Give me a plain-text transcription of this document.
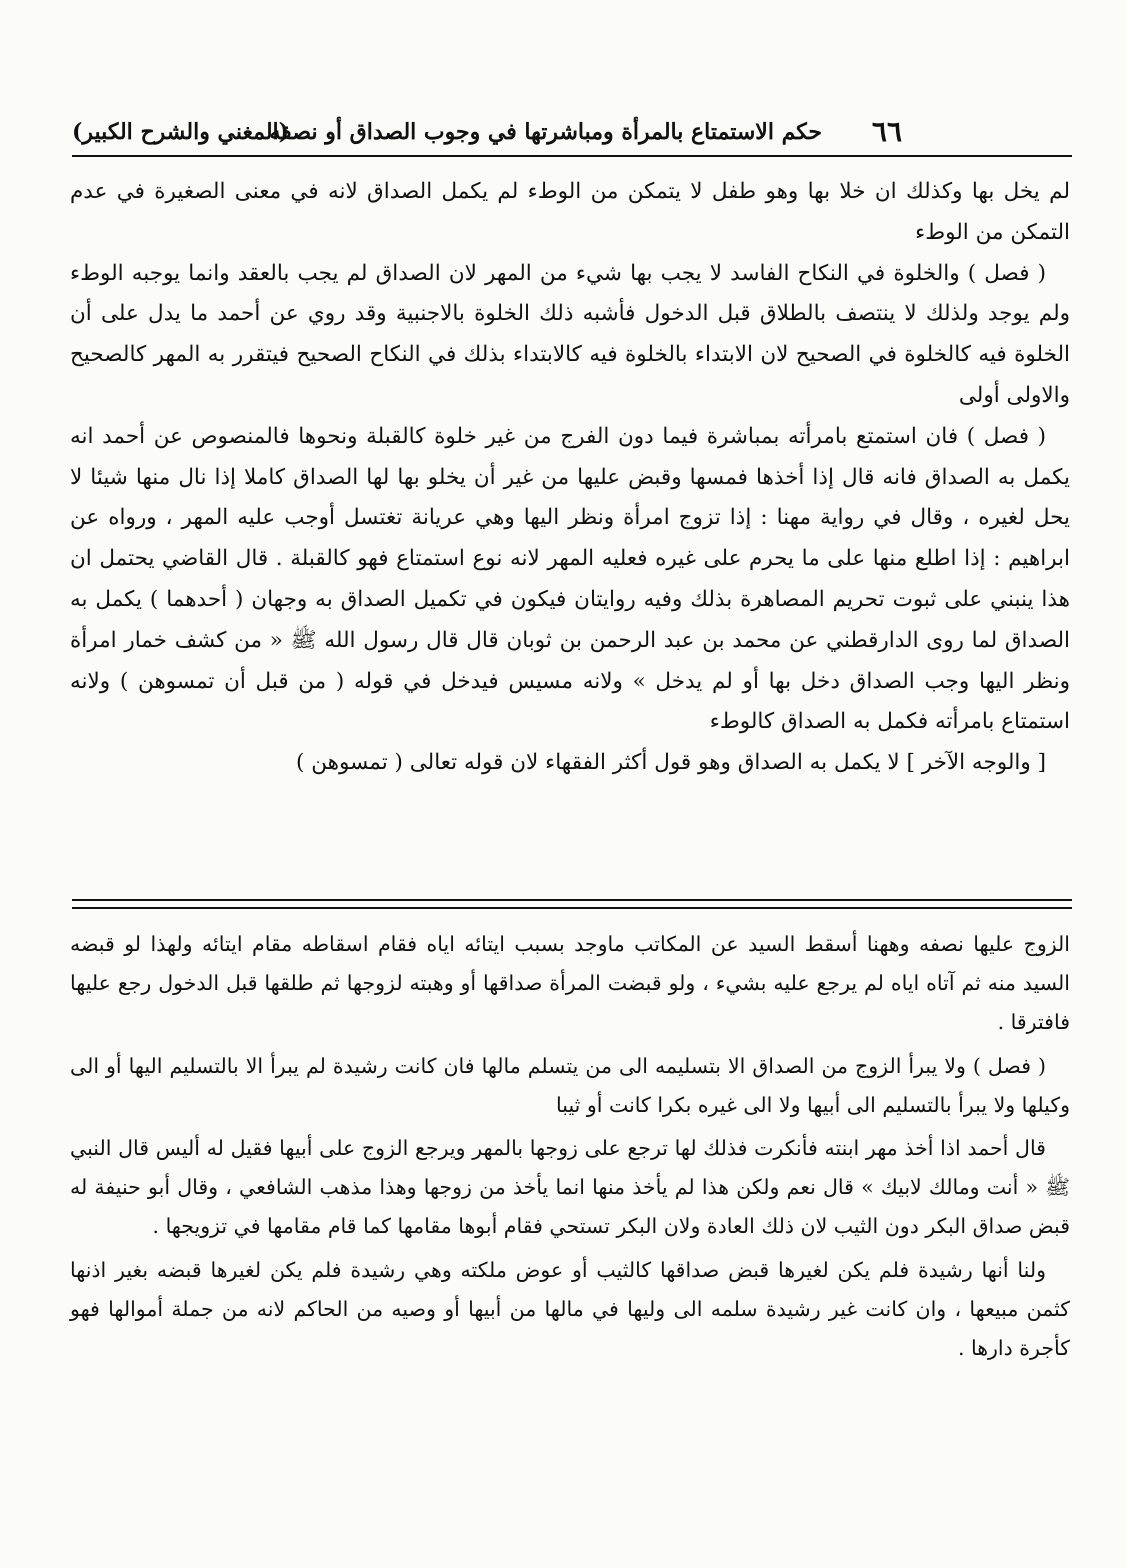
٦٦
حكم الاستمتاع بالمرأة ومباشرتها في وجوب الصداق أو نصفه
(المغني والشرح الكبير)

لم يخل بها وكذلك ان خلا بها وهو طفل لا يتمكن من الوطء لم يكمل الصداق لانه في معنى الصغيرة في عدم التمكن من الوطء

( فصل ) والخلوة في النكاح الفاسد لا يجب بها شيء من المهر لان الصداق لم يجب بالعقد وانما يوجبه الوطء ولم يوجد ولذلك لا ينتصف بالطلاق قبل الدخول فأشبه ذلك الخلوة بالاجنبية وقد روي عن أحمد ما يدل على أن الخلوة فيه كالخلوة في الصحيح لان الابتداء بالخلوة فيه كالابتداء بذلك في النكاح الصحيح فيتقرر به المهر كالصحيح والاولى أولى

( فصل ) فان استمتع بامرأته بمباشرة فيما دون الفرج من غير خلوة كالقبلة ونحوها فالمنصوص عن أحمد انه يكمل به الصداق فانه قال إذا أخذها فمسها وقبض عليها من غير أن يخلو بها لها الصداق كاملا إذا نال منها شيئا لا يحل لغيره ، وقال في رواية مهنا : إذا تزوج امرأة ونظر اليها وهي عريانة تغتسل أوجب عليه المهر ، ورواه عن ابراهيم : إذا اطلع منها على ما يحرم على غيره فعليه المهر لانه نوع استمتاع فهو كالقبلة . قال القاضي يحتمل ان هذا ينبني على ثبوت تحريم المصاهرة بذلك وفيه روايتان فيكون في تكميل الصداق به وجهان ( أحدهما ) يكمل به الصداق لما روى الدارقطني عن محمد بن عبد الرحمن بن ثوبان قال قال رسول الله ﷺ « من كشف خمار امرأة ونظر اليها وجب الصداق دخل بها أو لم يدخل » ولانه مسيس فيدخل في قوله ( من قبل أن تمسوهن ) ولانه استمتاع بامرأته فكمل به الصداق كالوطء

[ والوجه الآخر ] لا يكمل به الصداق وهو قول أكثر الفقهاء لان قوله تعالى ( تمسوهن )

الزوج عليها نصفه وههنا أسقط السيد عن المكاتب ماوجد بسبب ايتائه اياه فقام اسقاطه مقام ايتائه ولهذا لو قبضه السيد منه ثم آتاه اياه لم يرجع عليه بشيء ، ولو قبضت المرأة صداقها أو وهبته لزوجها ثم طلقها قبل الدخول رجع عليها فافترقا .

( فصل ) ولا يبرأ الزوج من الصداق الا بتسليمه الى من يتسلم مالها فان كانت رشيدة لم يبرأ الا بالتسليم اليها أو الى وكيلها ولا يبرأ بالتسليم الى أبيها ولا الى غيره بكرا كانت أو ثيبا

قال أحمد اذا أخذ مهر ابنته فأنكرت فذلك لها ترجع على زوجها بالمهر ويرجع الزوج على أبيها فقيل له أليس قال النبي ﷺ « أنت ومالك لابيك » قال نعم ولكن هذا لم يأخذ منها انما يأخذ من زوجها وهذا مذهب الشافعي ، وقال أبو حنيفة له قبض صداق البكر دون الثيب لان ذلك العادة ولان البكر تستحي فقام أبوها مقامها كما قام مقامها في تزويجها .

ولنا أنها رشيدة فلم يكن لغيرها قبض صداقها كالثيب أو عوض ملكته وهي رشيدة فلم يكن لغيرها قبضه بغير اذنها كثمن مبيعها ، وان كانت غير رشيدة سلمه الى وليها في مالها من أبيها أو وصيه من الحاكم لانه من جملة أموالها فهو كأجرة دارها .
